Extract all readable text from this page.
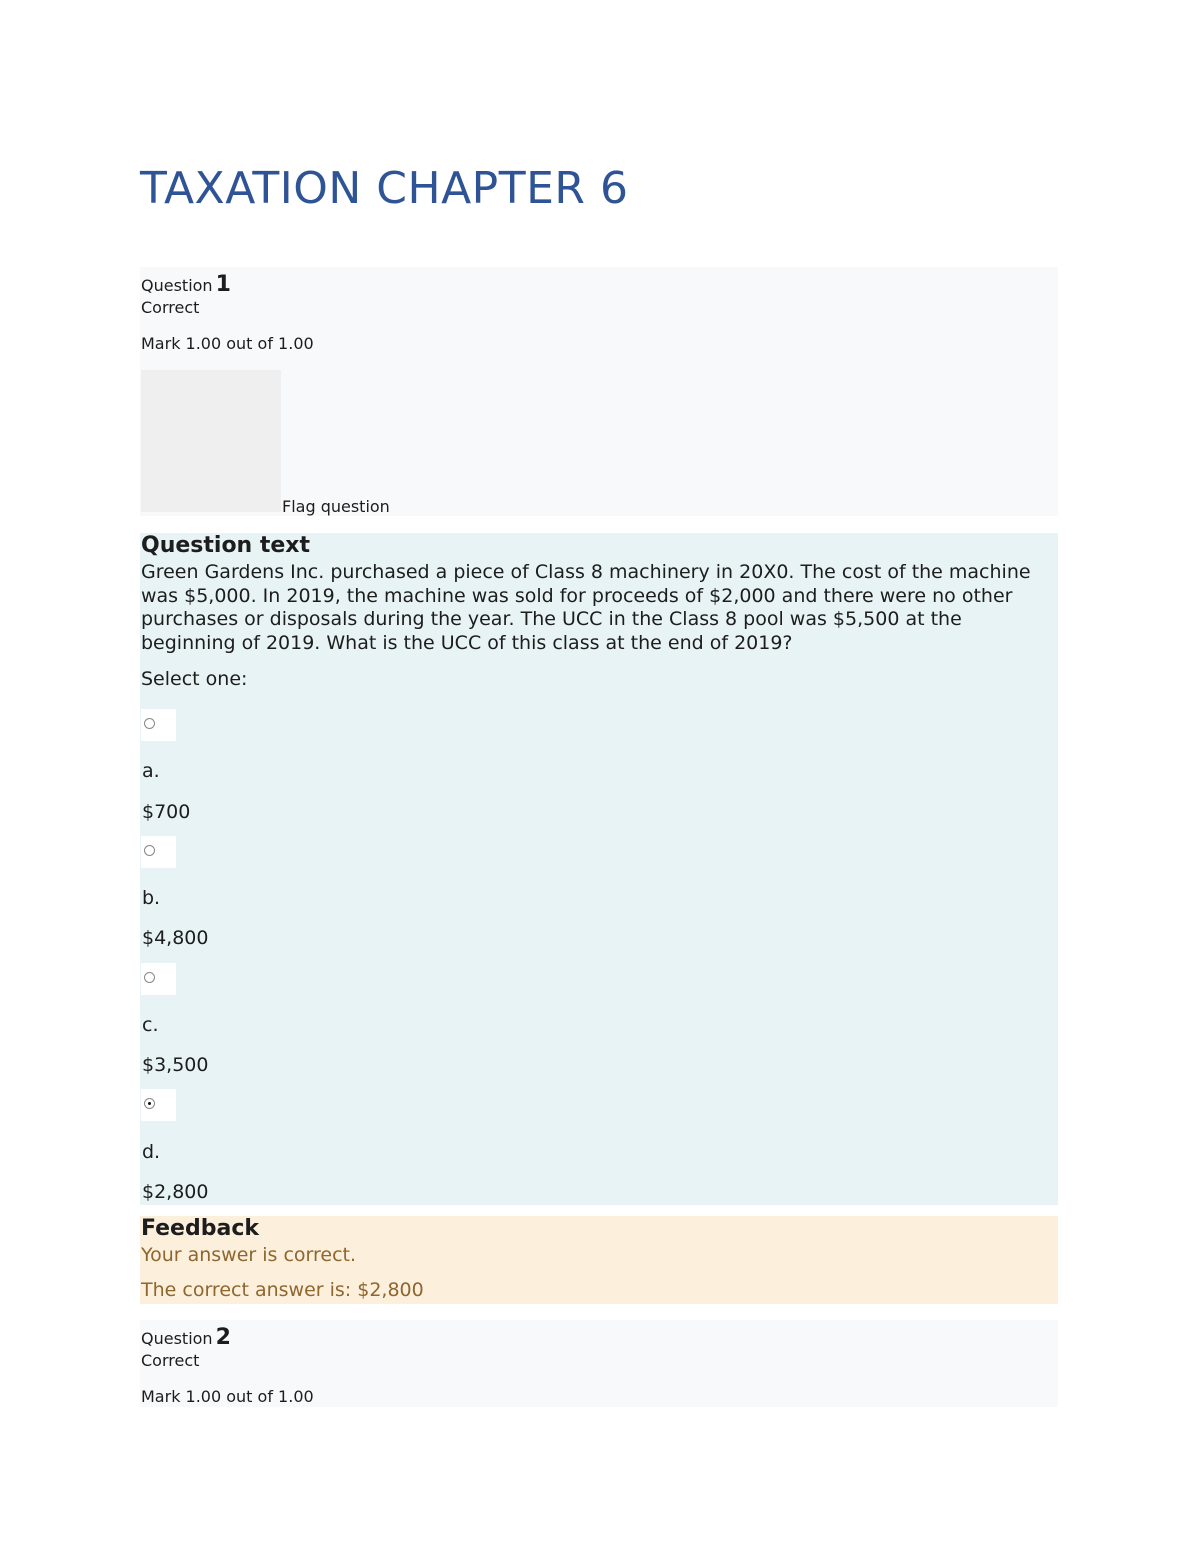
TAXATION CHAPTER 6
Question 1
Correct
Mark 1.00 out of 1.00
Flag question
Question text
Green Gardens Inc. purchased a piece of Class 8 machinery in 20X0. The cost of the machine was $5,000. In 2019, the machine was sold for proceeds of $2,000 and there were no other purchases or disposals during the year. The UCC in the Class 8 pool was $5,500 at the beginning of 2019. What is the UCC of this class at the end of 2019?
Select one:
a.
$700
b.
$4,800
c.
$3,500
d.
$2,800
Feedback
Your answer is correct.
The correct answer is: $2,800
Question 2
Correct
Mark 1.00 out of 1.00
